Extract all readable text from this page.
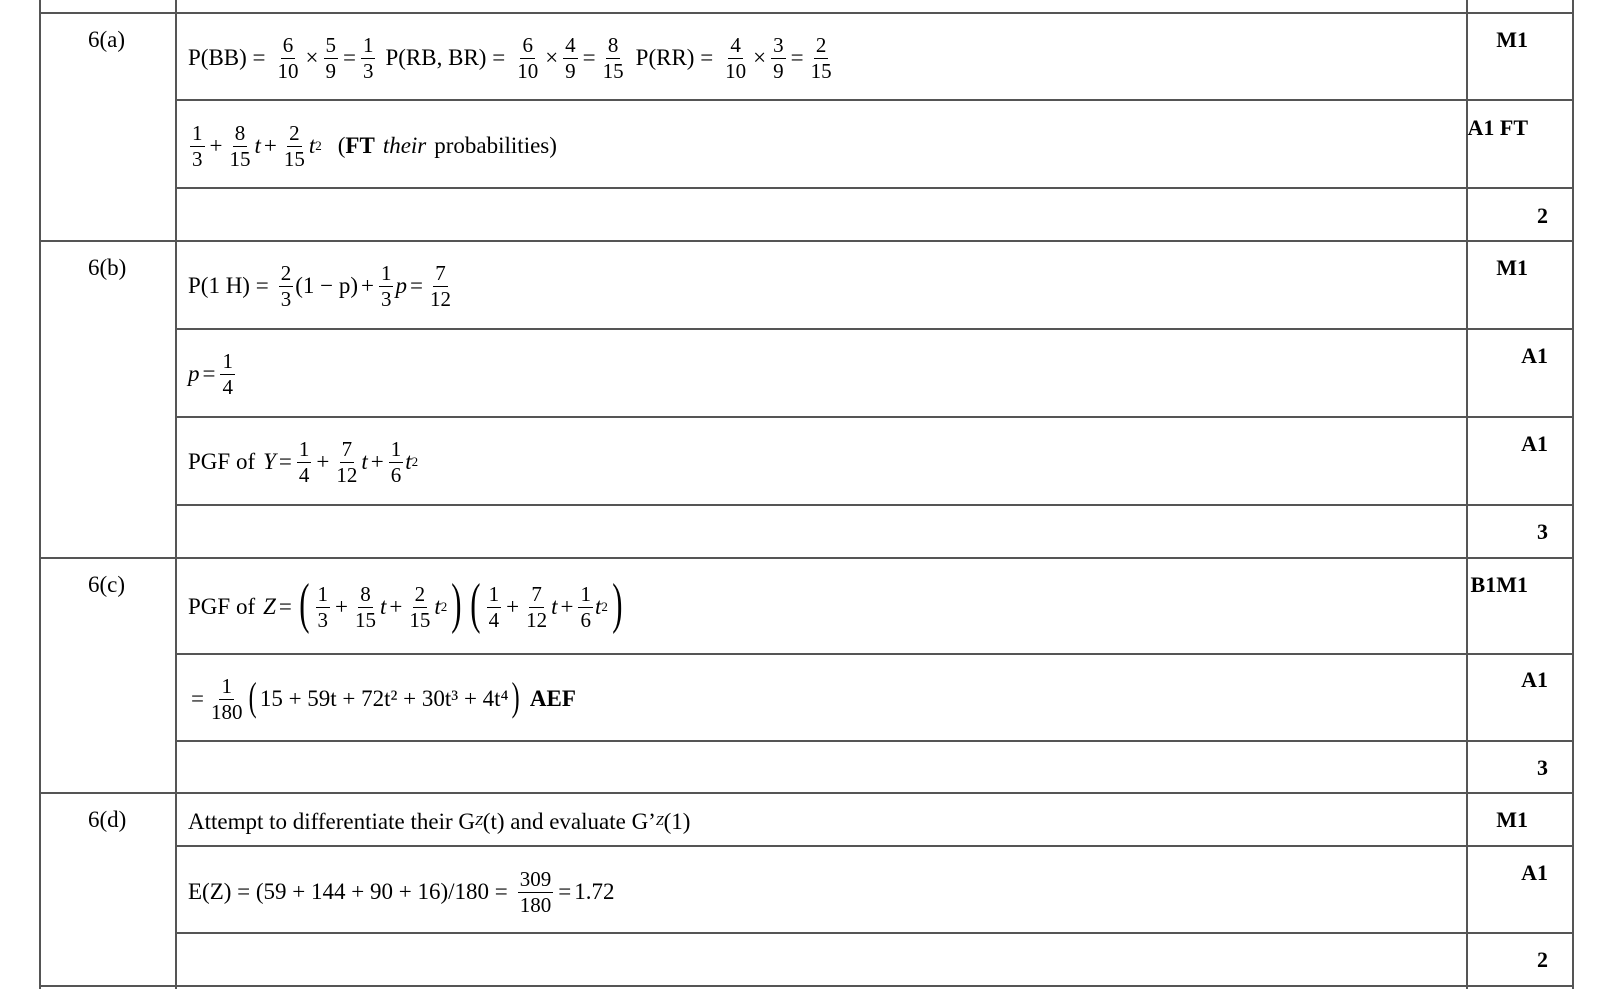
6(a)
6(b)
6(c)
6(d)
M1
A1 FT
2
M1
A1
A1
3
B1M1
A1
3
M1
A1
2
$P(BB) = \frac{6}{10} \times \frac{5}{9} = \frac{1}{3} P(RB$, $BR) = \frac{6}{10} \times \frac{4}{9} = \frac{8}{15} P(RR) = \frac{4}{10} \times \frac{3}{9} = \frac{2}{15}$
$\frac{1}{3} + \frac{8}{15}$ $t + \frac{2}{15}$ t 2 ( FT their probabilities)
P(1 $H) = \frac{2}{3} (1 - p) + \frac{1}{3}$ $p = \frac{7}{12}$
$p = \frac{1}{4}$
PGF of $Y = \frac{1}{4} + \frac{7}{12}$ $t + \frac{1}{6}$ t 2
PGF of Z = ( $\frac{1}{3} + \frac{8}{15}$ $t + \frac{2}{15}$ t 2 ) ( $\frac{1}{4} + \frac{7}{12}$ $t + \frac{1}{6}$ t 2 )
= $\frac{1}{180}$ ( 15 + 59t + 72t² + 30t³ + 4t⁴ ) AEF
Attempt to differentiate their G Z (t) and evaluate G’ Z (1)
$E(Z) = (59 + 144 + 90 + 16)/180 = \frac{309}{180} = 1.72$
